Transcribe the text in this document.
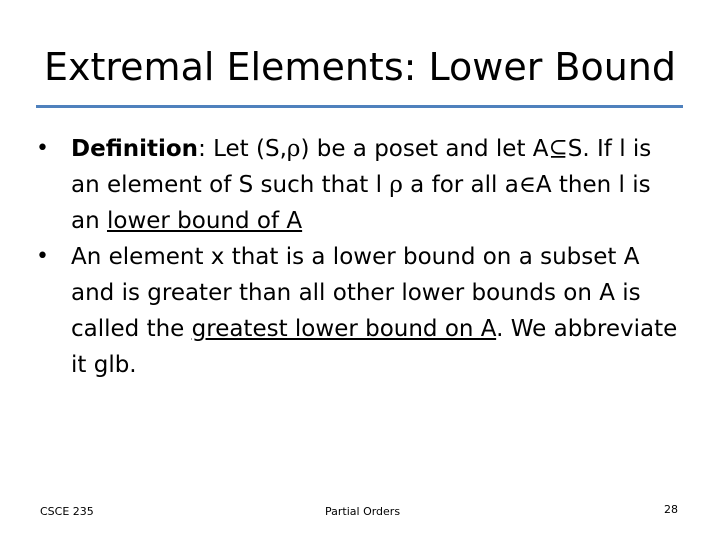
Extremal Elements: Lower Bound

• Definition: Let (S,ρ) be a poset and let A⊆S. If l is an element of S such that l ρ a for all a∈A then l is an lower bound of A

• An element x that is a lower bound on a subset A and is greater than all other lower bounds on A is called the greatest lower bound on A. We abbreviate it glb.

CSCE 235	Partial Orders	28
